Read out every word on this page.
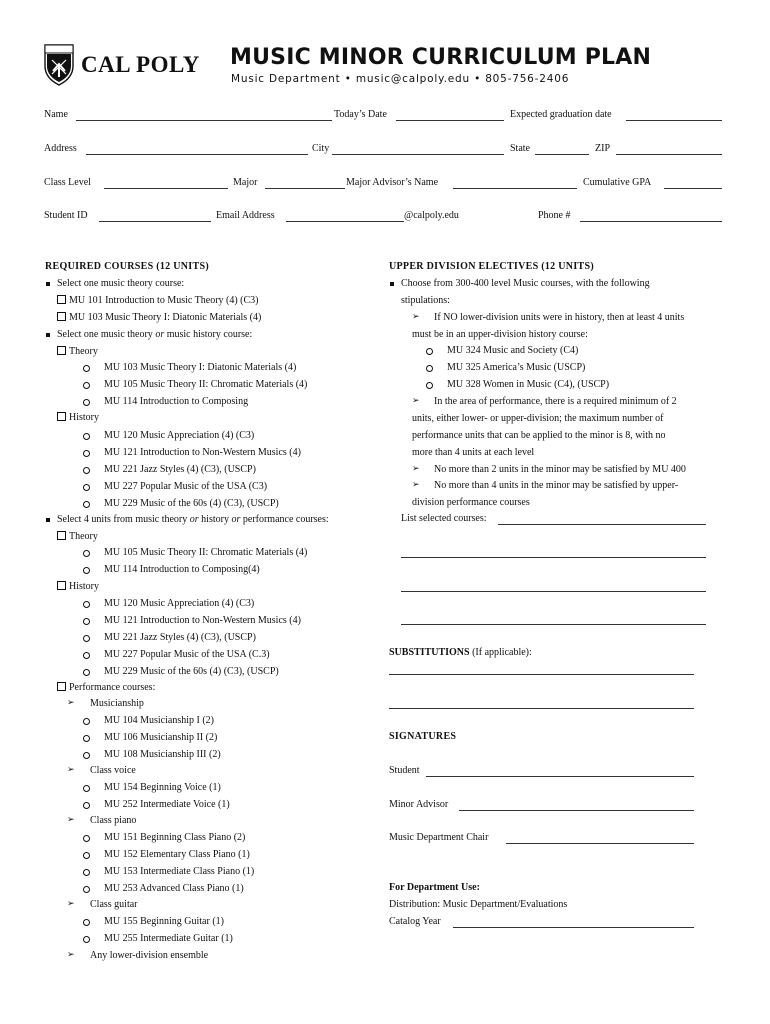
CAL POLY MUSIC MINOR CURRICULUM PLAN
Music Department • music@calpoly.edu • 805-756-2406
Name	Today’s Date	Expected graduation date
Address	City	State	ZIP
Class Level	Major	Major Advisor’s Name	Cumulative GPA
Student ID	Email Address	@calpoly.edu	Phone #
REQUIRED COURSES (12 UNITS)
Select one music theory course:
MU 101 Introduction to Music Theory (4) (C3)
MU 103 Music Theory I: Diatonic Materials (4)
Select one music theory or music history course:
Theory
MU 103 Music Theory I: Diatonic Materials (4)
MU 105 Music Theory II: Chromatic Materials (4)
MU 114 Introduction to Composing
History
MU 120 Music Appreciation (4) (C3)
MU 121 Introduction to Non-Western Musics (4)
MU 221 Jazz Styles (4) (C3), (USCP)
MU 227 Popular Music of the USA (C3)
MU 229 Music of the 60s (4) (C3), (USCP)
Select 4 units from music theory or history or performance courses:
Theory
MU 105 Music Theory II: Chromatic Materials (4)
MU 114 Introduction to Composing(4)
History
MU 120 Music Appreciation (4) (C3)
MU 121 Introduction to Non-Western Musics (4)
MU 221 Jazz Styles (4) (C3), (USCP)
MU 227 Popular Music of the USA (C.3)
MU 229 Music of the 60s (4) (C3), (USCP)
Performance courses:
➢ Musicianship
MU 104 Musicianship I (2)
MU 106 Musicianship II (2)
MU 108 Musicianship III (2)
➢ Class voice
MU 154 Beginning Voice (1)
MU 252 Intermediate Voice (1)
➢ Class piano
MU 151 Beginning Class Piano (2)
MU 152 Elementary Class Piano (1)
MU 153 Intermediate Class Piano (1)
MU 253 Advanced Class Piano (1)
➢ Class guitar
MU 155 Beginning Guitar (1)
MU 255 Intermediate Guitar (1)
➢ Any lower-division ensemble
UPPER DIVISION ELECTIVES (12 UNITS)
Choose from 300-400 level Music courses, with the following
stipulations:
➢ If NO lower-division units were in history, then at least 4 units
must be in an upper-division history course:
MU 324 Music and Society (C4)
MU 325 America’s Music (USCP)
MU 328 Women in Music (C4), (USCP)
➢ In the area of performance, there is a required minimum of 2
units, either lower- or upper-division; the maximum number of
performance units that can be applied to the minor is 8, with no
more than 4 units at each level
➢ No more than 2 units in the minor may be satisfied by MU 400
➢ No more than 4 units in the minor may be satisfied by upper-
division performance courses
List selected courses:
SUBSTITUTIONS (If applicable):
SIGNATURES
Student
Minor Advisor
Music Department Chair
For Department Use:
Distribution: Music Department/Evaluations
Catalog Year
